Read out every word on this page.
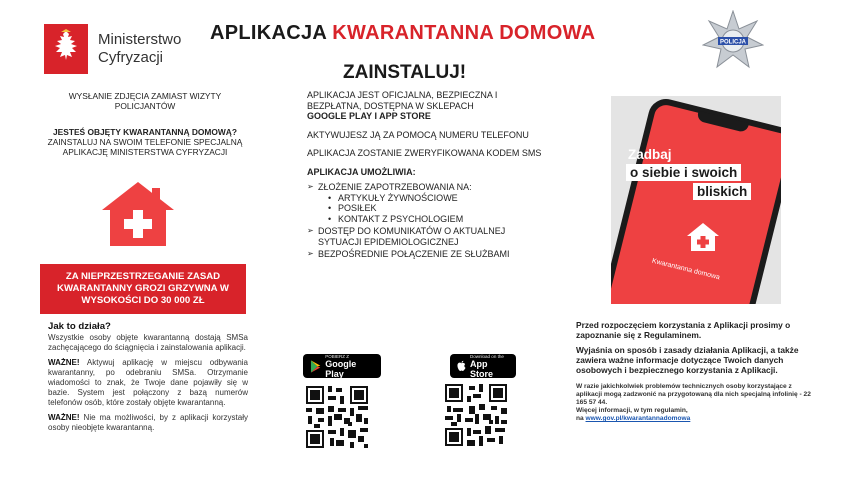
Ministerstwo
Cyfryzacji
APLIKACJA KWARANTANNA DOMOWA
ZAINSTALUJ!
POLICJA
WYSŁANIE ZDJĘCIA ZAMIAST WIZYTY POLICJANTÓW
JESTEŚ OBJĘTY KWARANTANNĄ DOMOWĄ?
ZAINSTALUJ NA SWOIM TELEFONIE SPECJALNĄ APLIKACJĘ MINISTERSTWA CYFRYZACJI
ZA NIEPRZESTRZEGANIE ZASAD KWARANTANNY GROZI GRZYWNA W WYSOKOŚCI DO 30 000 ZŁ
Jak to działa?

Wszystkie osoby objęte kwarantanną dostają SMSa zachęcającego do ściągnięcia i zainstalowania aplikacji.

WAŻNE! Aktywuj aplikację w miejscu odbywania kwarantanny, po odebraniu SMSa. Otrzymanie wiadomości to znak, że Twoje dane pojawiły się w bazie. System jest połączony z bazą numerów telefonów osób, które zostały objęte kwarantanną.

WAŻNE! Nie ma możliwości, by z aplikacji korzystały osoby nieobjęte kwarantanną.

APLIKACJA JEST OFICJALNA, BEZPIECZNA I BEZPŁATNA, DOSTĘPNA W SKLEPACH
GOOGLE PLAY I APP STORE

AKTYWUJESZ JĄ ZA POMOCĄ NUMERU TELEFONU

APLIKACJA ZOSTANIE ZWERYFIKOWANA KODEM SMS

APLIKACJA UMOŻLIWIA:
➢ ZŁOŻENIE ZAPOTRZEBOWANIA NA:
• ARTYKUŁY ŻYWNOŚCIOWE
• POSIŁEK
• KONTAKT Z PSYCHOLOGIEM
➢ DOSTĘP DO KOMUNIKATÓW O AKTUALNEJ SYTUACJI EPIDEMIOLOGICZNEJ
➢ BEZPOŚREDNIE POŁĄCZENIE ZE SŁUŻBAMI
POBIERZ Z
Google Play
Download on the
App Store
Zadbaj
o siebie i swoich
bliskich
Kwarantanna domowa
Przed rozpoczęciem korzystania z Aplikacji prosimy o zapoznanie się z Regulaminem.
Wyjaśnia on sposób i zasady działania Aplikacji, a także zawiera ważne informacje dotyczące Twoich danych osobowych i bezpiecznego korzystania z Aplikacji.
W razie jakichkolwiek problemów technicznych osoby korzystające z aplikacji mogą zadzwonić na przygotowaną dla nich specjalną infolinię - 22 165 57 44.
Więcej informacji, w tym regulamin,
na www.gov.pl/kwarantannadomowa
